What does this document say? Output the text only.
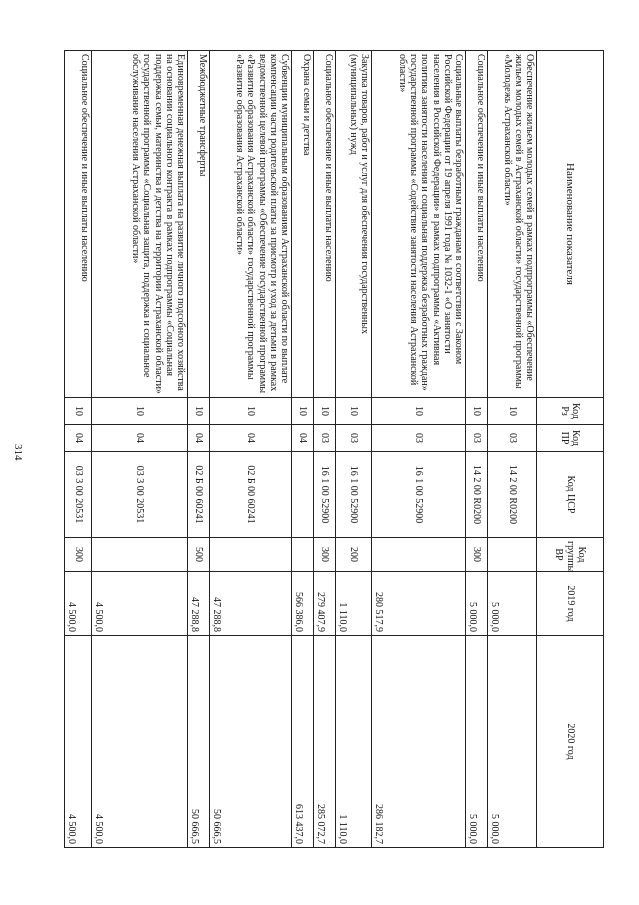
314
Наименование показателя	Код Рз	Код ПР	Код ЦСР	Код группы ВР	2019 год	2020 год
Обеспечение жильем молодых семей в рамках подпрограммы «Обеспечение жильем молодых семей в Астраханской области» государственной программы «Молодежь Астраханской области»	10	03	14 2 00 R0200		5 000,0	5 000,0
Социальное обеспечение и иные выплаты населению	10	03	14 2 00 R0200	300	5 000,0	5 000,0
Социальные выплаты безработным гражданам в соответствии с Законом Российской Федерации от 19 апреля 1991 года № 1032-1 «О занятости населения в Российской Федерации» в рамках подпрограммы «Активная политика занятости населения и социальная поддержка безработных граждан» государственной программы «Содействие занятости населения Астраханской области»	10	03	16 1 00 52900		280 517,9	286 182,7
Закупка товаров, работ и услуг для обеспечения государственных (муниципальных) нужд	10	03	16 1 00 52900	200	1 110,0	1 110,0
Социальное обеспечение и иные выплаты населению	10	03	16 1 00 52900	300	279 407,9	285 072,7
Охрана семьи и детства	10	04			566 386,0	613 437,0
Субвенции муниципальным образованиям Астраханской области по выплате компенсации части родительской платы за присмотр и уход за детьми в рамках ведомственной целевой программы «Обеспечение государственной программы «Развитие образования Астраханской области» государственной программы «Развитие образования Астраханской области»	10	04	02 Б 00 60241		47 288,8	50 666,5
Межбюджетные трансферты	10	04	02 Б 00 60241	500	47 288,8	50 666,5
Единовременная денежная выплата на развитие личного подсобного хозяйства на основании социального контракта в рамках подпрограммы «Социальная поддержка семьи, материнства и детства на территории Астраханской области» государственной программы «Социальная защита, поддержка и социальное обслуживание населения Астраханской области»	10	04	03 3 00 20531		4 500,0	4 500,0
Социальное обеспечение и иные выплаты населению	10	04	03 3 00 20531	300	4 500,0	4 500,0
